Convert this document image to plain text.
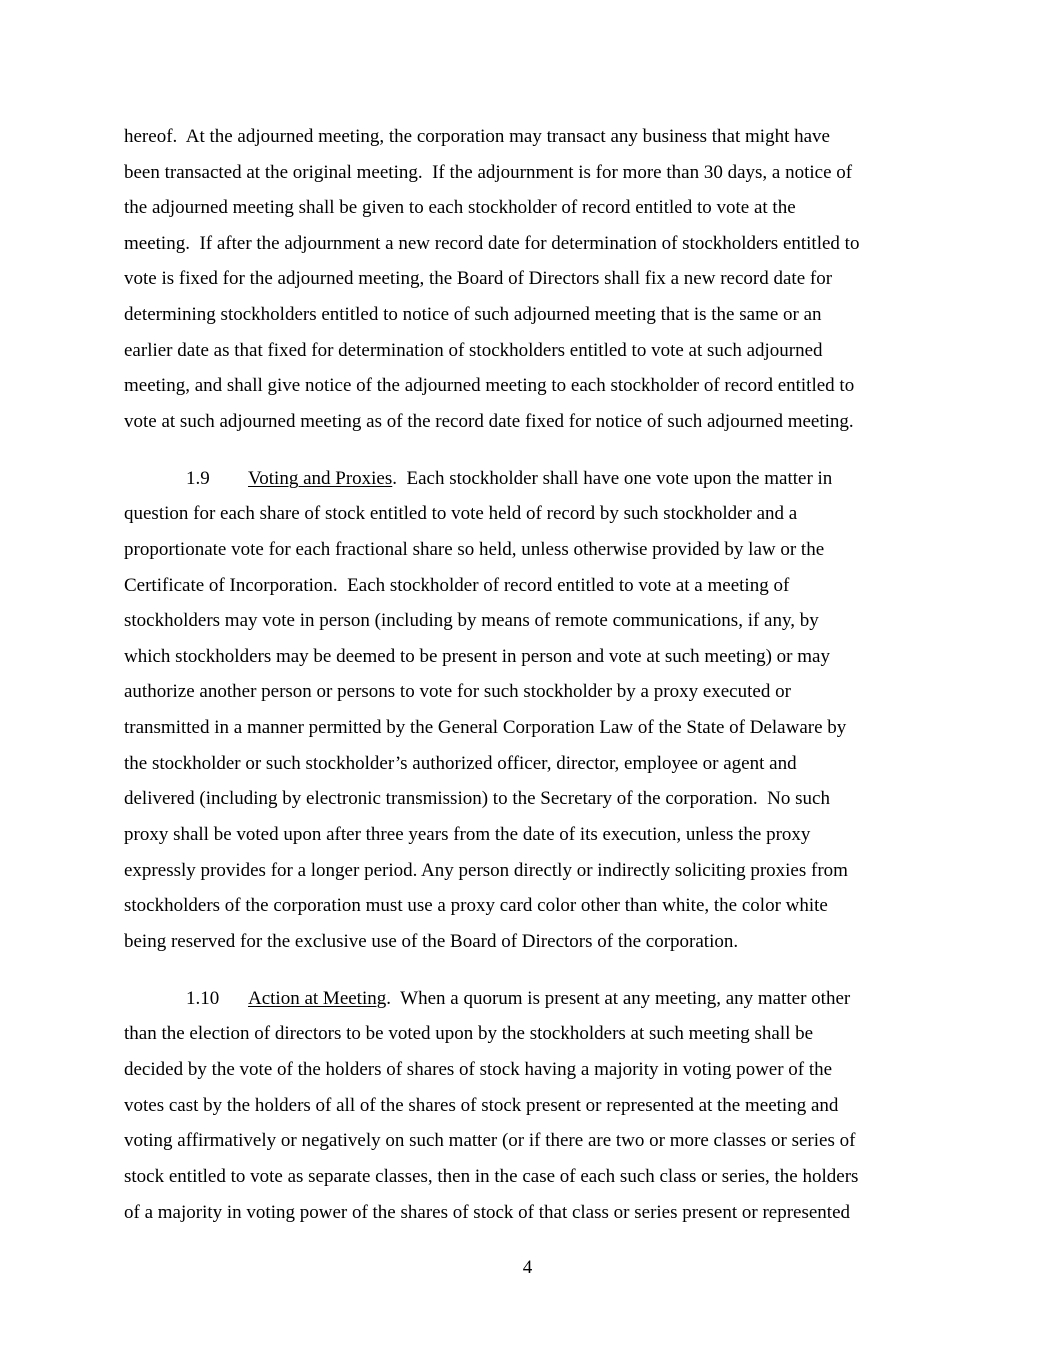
hereof.  At the adjourned meeting, the corporation may transact any business that might have
been transacted at the original meeting.  If the adjournment is for more than 30 days, a notice of
the adjourned meeting shall be given to each stockholder of record entitled to vote at the
meeting.  If after the adjournment a new record date for determination of stockholders entitled to
vote is fixed for the adjourned meeting, the Board of Directors shall fix a new record date for
determining stockholders entitled to notice of such adjourned meeting that is the same or an
earlier date as that fixed for determination of stockholders entitled to vote at such adjourned
meeting, and shall give notice of the adjourned meeting to each stockholder of record entitled to
vote at such adjourned meeting as of the record date fixed for notice of such adjourned meeting.
1.9 Voting and Proxies.  Each stockholder shall have one vote upon the matter in
question for each share of stock entitled to vote held of record by such stockholder and a
proportionate vote for each fractional share so held, unless otherwise provided by law or the
Certificate of Incorporation.  Each stockholder of record entitled to vote at a meeting of
stockholders may vote in person (including by means of remote communications, if any, by
which stockholders may be deemed to be present in person and vote at such meeting) or may
authorize another person or persons to vote for such stockholder by a proxy executed or
transmitted in a manner permitted by the General Corporation Law of the State of Delaware by
the stockholder or such stockholder’s authorized officer, director, employee or agent and
delivered (including by electronic transmission) to the Secretary of the corporation.  No such
proxy shall be voted upon after three years from the date of its execution, unless the proxy
expressly provides for a longer period. Any person directly or indirectly soliciting proxies from
stockholders of the corporation must use a proxy card color other than white, the color white
being reserved for the exclusive use of the Board of Directors of the corporation.
1.10 Action at Meeting.  When a quorum is present at any meeting, any matter other
than the election of directors to be voted upon by the stockholders at such meeting shall be
decided by the vote of the holders of shares of stock having a majority in voting power of the
votes cast by the holders of all of the shares of stock present or represented at the meeting and
voting affirmatively or negatively on such matter (or if there are two or more classes or series of
stock entitled to vote as separate classes, then in the case of each such class or series, the holders
of a majority in voting power of the shares of stock of that class or series present or represented
4
